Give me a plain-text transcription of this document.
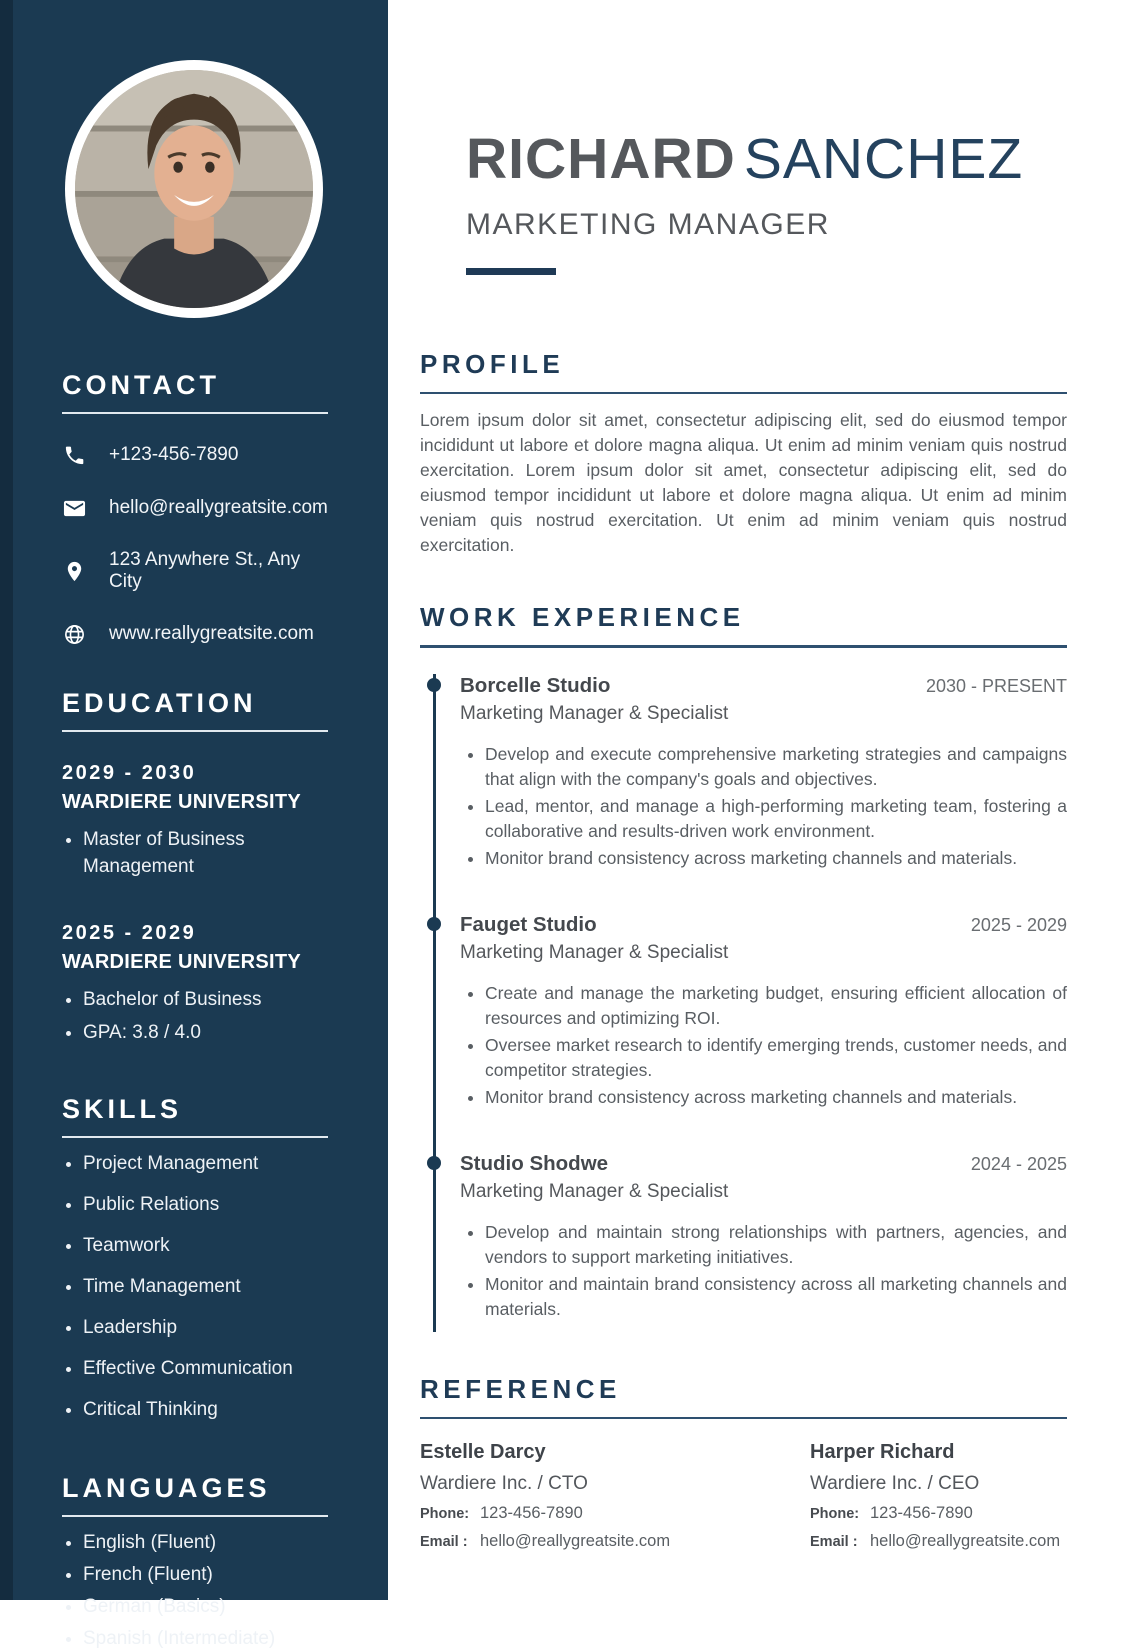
CONTACT
+123-456-7890
hello@reallygreatsite.com
123 Anywhere St., Any City
www.reallygreatsite.com
EDUCATION
2029 - 2030
WARDIERE UNIVERSITY
• Master of Business Management
2025 - 2029
WARDIERE UNIVERSITY
• Bachelor of Business
• GPA: 3.8 / 4.0
SKILLS
• Project Management
• Public Relations
• Teamwork
• Time Management
• Leadership
• Effective Communication
• Critical Thinking
LANGUAGES
• English (Fluent)
• French (Fluent)
• German (Basics)
• Spanish (Intermediate)
RICHARD SANCHEZ
MARKETING MANAGER
PROFILE

Lorem ipsum dolor sit amet, consectetur adipiscing elit, sed do eiusmod tempor incididunt ut labore et dolore magna aliqua. Ut enim ad minim veniam quis nostrud exercitation. Lorem ipsum dolor sit amet, consectetur adipiscing elit, sed do eiusmod tempor incididunt ut labore et dolore magna aliqua. Ut enim ad minim veniam quis nostrud exercitation. Ut enim ad minim veniam quis nostrud exercitation.

WORK EXPERIENCE
Borcelle Studio	2030 - PRESENT
Marketing Manager & Specialist
• Develop and execute comprehensive marketing strategies and campaigns that align with the company's goals and objectives.
• Lead, mentor, and manage a high-performing marketing team, fostering a collaborative and results-driven work environment.
• Monitor brand consistency across marketing channels and materials.
Fauget Studio	2025 - 2029
Marketing Manager & Specialist
• Create and manage the marketing budget, ensuring efficient allocation of resources and optimizing ROI.
• Oversee market research to identify emerging trends, customer needs, and competitor strategies.
• Monitor brand consistency across marketing channels and materials.
Studio Shodwe	2024 - 2025
Marketing Manager & Specialist
• Develop and maintain strong relationships with partners, agencies, and vendors to support marketing initiatives.
• Monitor and maintain brand consistency across all marketing channels and materials.
REFERENCE
Estelle Darcy
Wardiere Inc. / CTO
Phone: 123-456-7890
Email : hello@reallygreatsite.com
Harper Richard
Wardiere Inc. / CEO
Phone: 123-456-7890
Email : hello@reallygreatsite.com
